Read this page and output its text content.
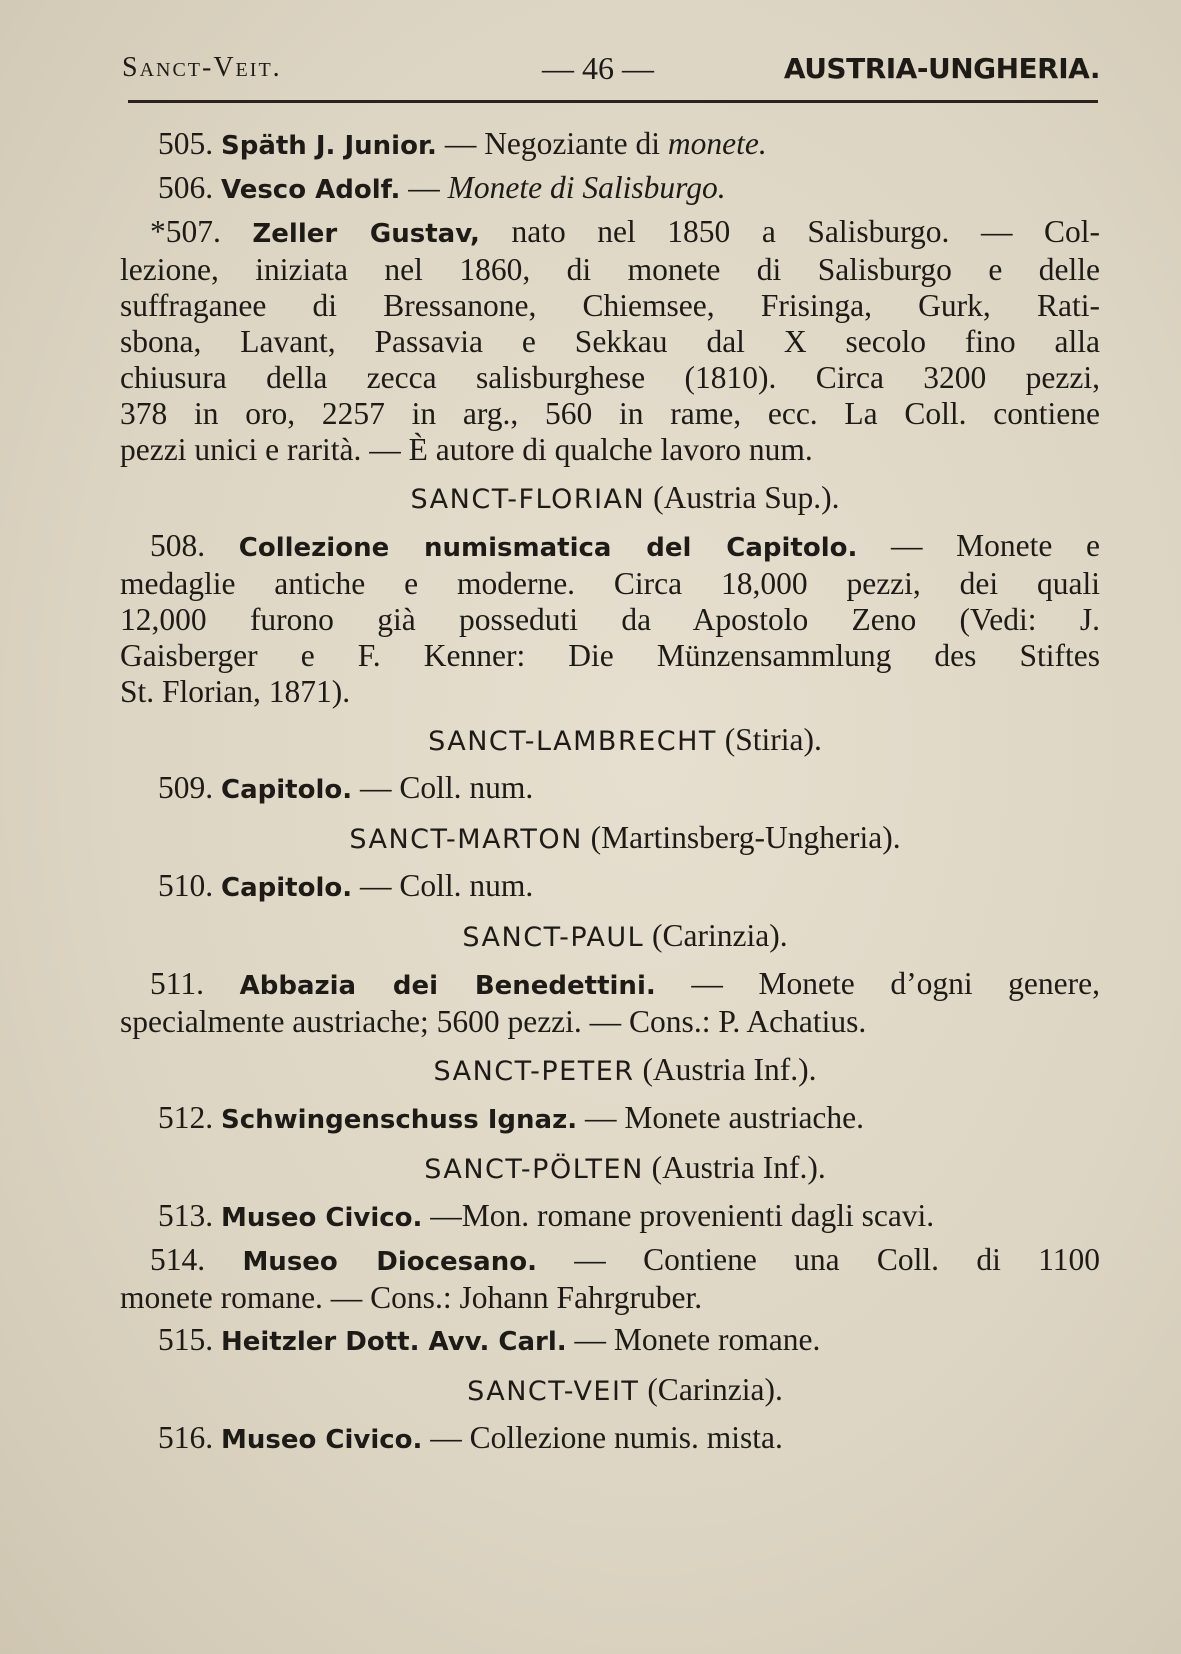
Sanct-Veit.	— 46 —	AUSTRIA-UNGHERIA.
505. Späth J. Junior. — Negoziante di monete.
506. Vesco Adolf. — Monete di Salisburgo.
*507. Zeller Gustav, nato nel 1850 a Salisburgo. — Col-
lezione, iniziata nel 1860, di monete di Salisburgo e delle
suffraganee di Bressanone, Chiemsee, Frisinga, Gurk, Rati-
sbona, Lavant, Passavia e Sekkau dal X secolo fino alla
chiusura della zecca salisburghese (1810). Circa 3200 pezzi,
378 in oro, 2257 in arg., 560 in rame, ecc. La Coll. contiene
pezzi unici e rarità. — È autore di qualche lavoro num.
SANCT-FLORIAN (Austria Sup.).
508. Collezione numismatica del Capitolo. — Monete e
medaglie antiche e moderne. Circa 18,000 pezzi, dei quali
12,000 furono già posseduti da Apostolo Zeno (Vedi: J.
Gaisberger e F. Kenner: Die Münzensammlung des Stiftes
St. Florian, 1871).
SANCT-LAMBRECHT (Stiria).
509. Capitolo. — Coll. num.
SANCT-MARTON (Martinsberg-Ungheria).
510. Capitolo. — Coll. num.
SANCT-PAUL (Carinzia).
511. Abbazia dei Benedettini. — Monete d’ogni genere,
specialmente austriache; 5600 pezzi. — Cons.: P. Achatius.
SANCT-PETER (Austria Inf.).
512. Schwingenschuss Ignaz. — Monete austriache.
SANCT-PÖLTEN (Austria Inf.).
513. Museo Civico. —Mon. romane provenienti dagli scavi.
514. Museo Diocesano. — Contiene una Coll. di 1100
monete romane. — Cons.: Johann Fahrgruber.
515. Heitzler Dott. Avv. Carl. — Monete romane.
SANCT-VEIT (Carinzia).
516. Museo Civico. — Collezione numis. mista.
